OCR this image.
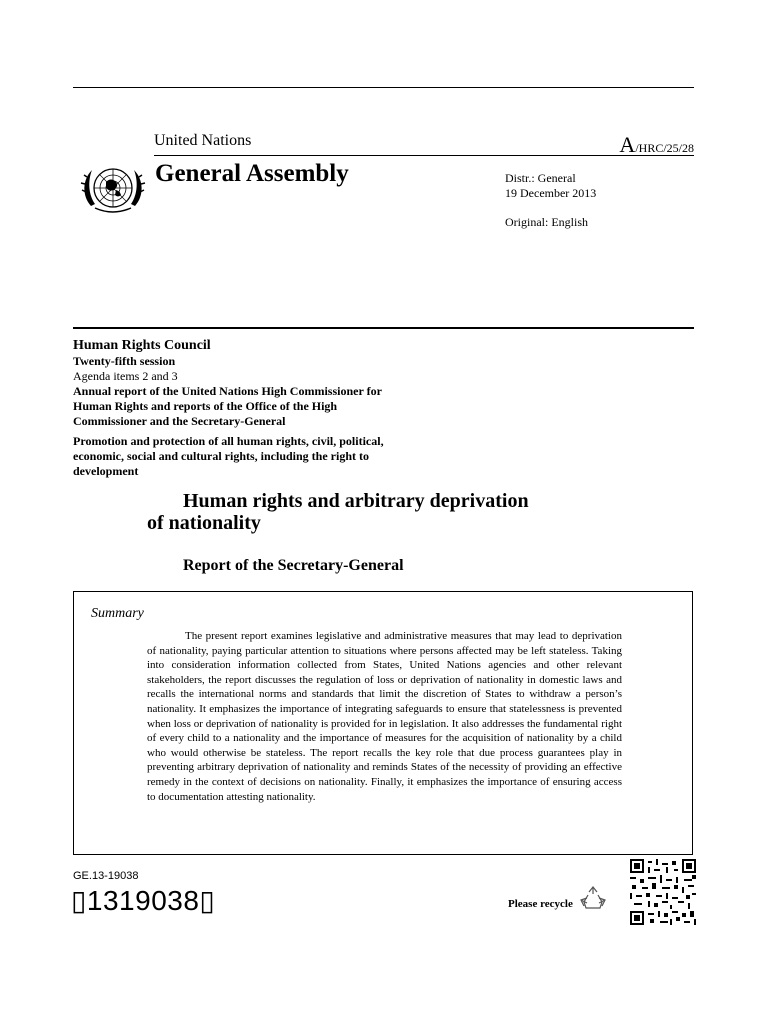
United Nations	A/HRC/25/28
General Assembly	Distr.: General
19 December 2013
Original: English
Human Rights Council
Twenty-fifth session
Agenda items 2 and 3
Annual report of the United Nations High Commissioner for Human Rights and reports of the Office of the High Commissioner and the Secretary-General
Promotion and protection of all human rights, civil, political, economic, social and cultural rights, including the right to development
Human rights and arbitrary deprivation
of nationality
Report of the Secretary-General
Summary
The present report examines legislative and administrative measures that may lead to deprivation of nationality, paying particular attention to situations where persons affected may be left stateless. Taking into consideration information collected from States, United Nations agencies and other relevant stakeholders, the report discusses the regulation of loss or deprivation of nationality in domestic laws and recalls the international norms and standards that limit the discretion of States to withdraw a person’s nationality. It emphasizes the importance of integrating safeguards to ensure that statelessness is prevented when loss or deprivation of nationality is provided for in legislation. It also addresses the fundamental right of every child to a nationality and the importance of measures for the acquisition of nationality by a child who would otherwise be stateless. The report recalls the key role that due process guarantees play in preventing arbitrary deprivation of nationality and reminds States of the necessity of providing an effective remedy in the context of decisions on nationality. Finally, it emphasizes the importance of ensuring access to documentation attesting nationality.
GE.13-19038
▯1319038▯	Please recycle
